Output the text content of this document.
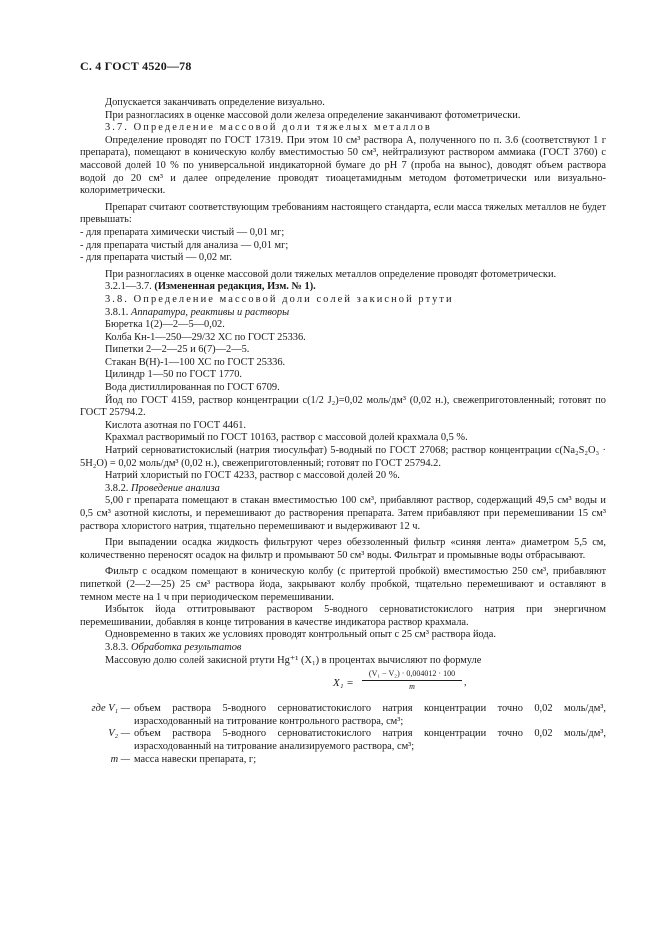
С. 4 ГОСТ 4520—78

Допускается заканчивать определение визуально.

При разногласиях в оценке массовой доли железа определение заканчивают фотометрически.

3.7. Определение массовой доли тяжелых металлов

Определение проводят по ГОСТ 17319. При этом 10 см³ раствора А, полученного по п. 3.6 (соответствуют 1 г препарата), помещают в коническую колбу вместимостью 50 см³, нейтрализуют раствором аммиака (ГОСТ 3760) с массовой долей 10 % по универсальной индикаторной бумаге до pH 7 (проба на вынос), доводят объем раствора водой до 20 см³ и далее определение проводят тиоацетамидным методом фотометрически или визуально-колориметрически.

Препарат считают соответствующим требованиям настоящего стандарта, если масса тяжелых металлов не будет превышать:

- для препарата химически чистый — 0,01 мг;

- для препарата чистый для анализа — 0,01 мг;

- для препарата чистый — 0,02 мг.

При разногласиях в оценке массовой доли тяжелых металлов определение проводят фотометрически.

3.2.1—3.7. (Измененная редакция, Изм. № 1).

3.8. Определение массовой доли солей закисной ртути

3.8.1. Аппаратура, реактивы и растворы

Бюретка 1(2)—2—5—0,02.

Колба Кн-1—250—29/32 ХС по ГОСТ 25336.

Пипетки 2—2—25 и 6(7)—2—5.

Стакан В(Н)-1—100 ХС по ГОСТ 25336.

Цилиндр 1—50 по ГОСТ 1770.

Вода дистиллированная по ГОСТ 6709.

Йод по ГОСТ 4159, раствор концентрации c(1/2 J₂)=0,02 моль/дм³ (0,02 н.), свежеприготовленный; готовят по ГОСТ 25794.2.

Кислота азотная по ГОСТ 4461.

Крахмал растворимый по ГОСТ 10163, раствор с массовой долей крахмала 0,5 %.

Натрий серноватистокислый (натрия тиосульфат) 5-водный по ГОСТ 27068; раствор концентрации c(Na₂S₂O₃ · 5H₂O) = 0,02 моль/дм³ (0,02 н.), свежеприготовленный; готовят по ГОСТ 25794.2.

Натрий хлористый по ГОСТ 4233, раствор с массовой долей 20 %.

3.8.2. Проведение анализа

5,00 г препарата помещают в стакан вместимостью 100 см³, прибавляют раствор, содержащий 49,5 см³ воды и 0,5 см³ азотной кислоты, и перемешивают до растворения препарата. Затем прибавляют при перемешивании 15 см³ раствора хлористого натрия, тщательно перемешивают и выдерживают 12 ч.

При выпадении осадка жидкость фильтруют через обеззоленный фильтр «синяя лента» диаметром 5,5 см, количественно переносят осадок на фильтр и промывают 50 см³ воды. Фильтрат и промывные воды отбрасывают.

Фильтр с осадком помещают в коническую колбу (с притертой пробкой) вместимостью 250 см³, прибавляют пипеткой (2—2—25) 25 см³ раствора йода, закрывают колбу пробкой, тщательно перемешивают и оставляют в темном месте на 1 ч при периодическом перемешивании.

Избыток йода оттитровывают раствором 5-водного серноватистокислого натрия при энергичном перемешивании, добавляя в конце титрования в качестве индикатора раствор крахмала.

Одновременно в таких же условиях проводят контрольный опыт с 25 см³ раствора йода.

3.8.3. Обработка результатов

Массовую долю солей закисной ртути Hg⁺¹ (X₁) в процентах вычисляют по формуле

$X_1 = \frac{\text{(V₁ − V₂) · 0,004012 · 100}}{m}$ ,
где V₁ — объем раствора 5-водного серноватистокислого натрия концентрации точно 0,02 моль/дм³, израсходованный на титрование контрольного раствора, см³;
V₂ — объем раствора 5-водного серноватистокислого натрия концентрации точно 0,02 моль/дм³, израсходованный на титрование анализируемого раствора, см³;
m — масса навески препарата, г;
